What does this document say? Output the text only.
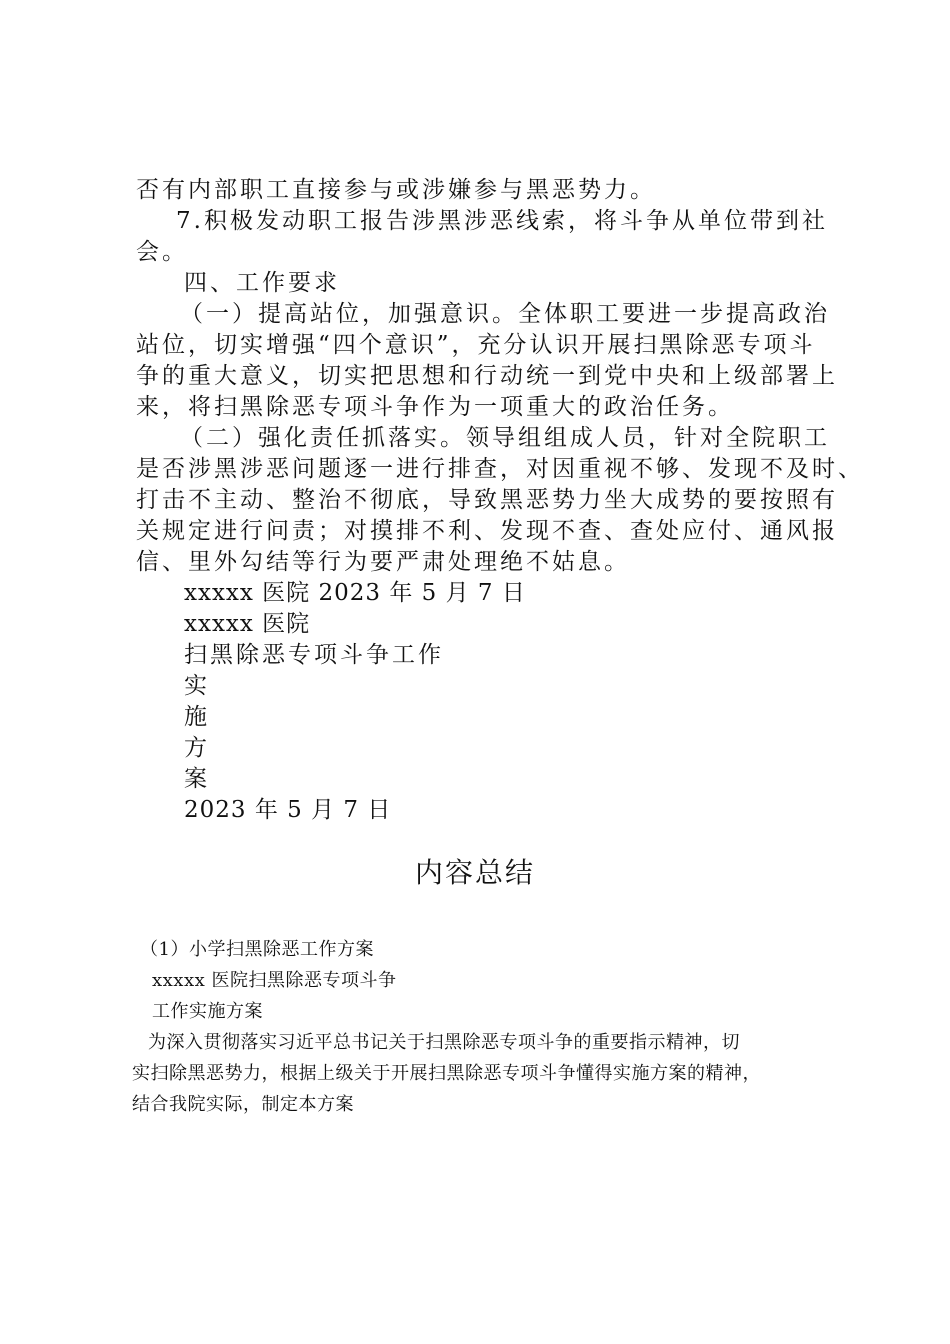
否有内部职工直接参与或涉嫌参与黑恶势力。
7.积极发动职工报告涉黑涉恶线索，将斗争从单位带到社
会。
四、工作要求
（一）提高站位，加强意识。全体职工要进一步提高政治
站位，切实增强“四个意识”，充分认识开展扫黑除恶专项斗
争的重大意义，切实把思想和行动统一到党中央和上级部署上
来，将扫黑除恶专项斗争作为一项重大的政治任务。
（二）强化责任抓落实。领导组组成人员，针对全院职工
是否涉黑涉恶问题逐一进行排查，对因重视不够、发现不及时、
打击不主动、整治不彻底，导致黑恶势力坐大成势的要按照有
关规定进行问责；对摸排不利、发现不查、查处应付、通风报
信、里外勾结等行为要严肃处理绝不姑息。
xxxxx 医院 2023 年 5 月 7 日
xxxxx 医院
扫黑除恶专项斗争工作
实
施
方
案
2023 年 5 月 7 日
内容总结
（1）小学扫黑除恶工作方案
xxxxx 医院扫黑除恶专项斗争
工作实施方案
为深入贯彻落实习近平总书记关于扫黑除恶专项斗争的重要指示精神，切
实扫除黑恶势力，根据上级关于开展扫黑除恶专项斗争懂得实施方案的精神，
结合我院实际，制定本方案
